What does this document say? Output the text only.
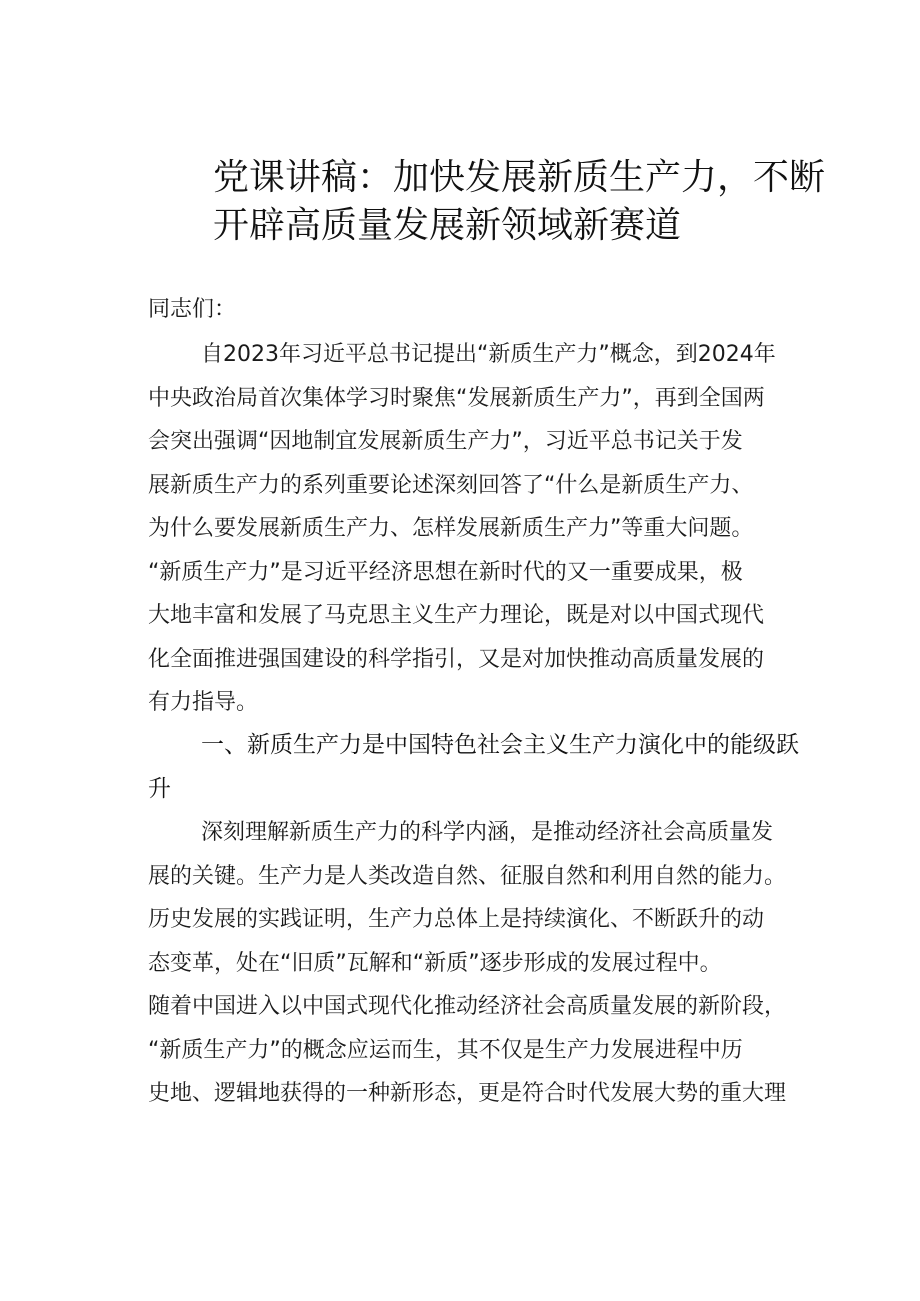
党课讲稿：加快发展新质生产力，不断
开辟高质量发展新领域新赛道
同志们：
自2023年习近平总书记提出“新质生产力”概念，到2024年
中央政治局首次集体学习时聚焦“发展新质生产力”，再到全国两
会突出强调“因地制宜发展新质生产力”，习近平总书记关于发
展新质生产力的系列重要论述深刻回答了“什么是新质生产力、
为什么要发展新质生产力、怎样发展新质生产力”等重大问题。
“新质生产力”是习近平经济思想在新时代的又一重要成果，极
大地丰富和发展了马克思主义生产力理论，既是对以中国式现代
化全面推进强国建设的科学指引，又是对加快推动高质量发展的
有力指导。
一、新质生产力是中国特色社会主义生产力演化中的能级跃
升
深刻理解新质生产力的科学内涵，是推动经济社会高质量发
展的关键。生产力是人类改造自然、征服自然和利用自然的能力。
历史发展的实践证明，生产力总体上是持续演化、不断跃升的动
态变革，处在“旧质”瓦解和“新质”逐步形成的发展过程中。
随着中国进入以中国式现代化推动经济社会高质量发展的新阶段，
“新质生产力”的概念应运而生，其不仅是生产力发展进程中历
史地、逻辑地获得的一种新形态，更是符合时代发展大势的重大理
